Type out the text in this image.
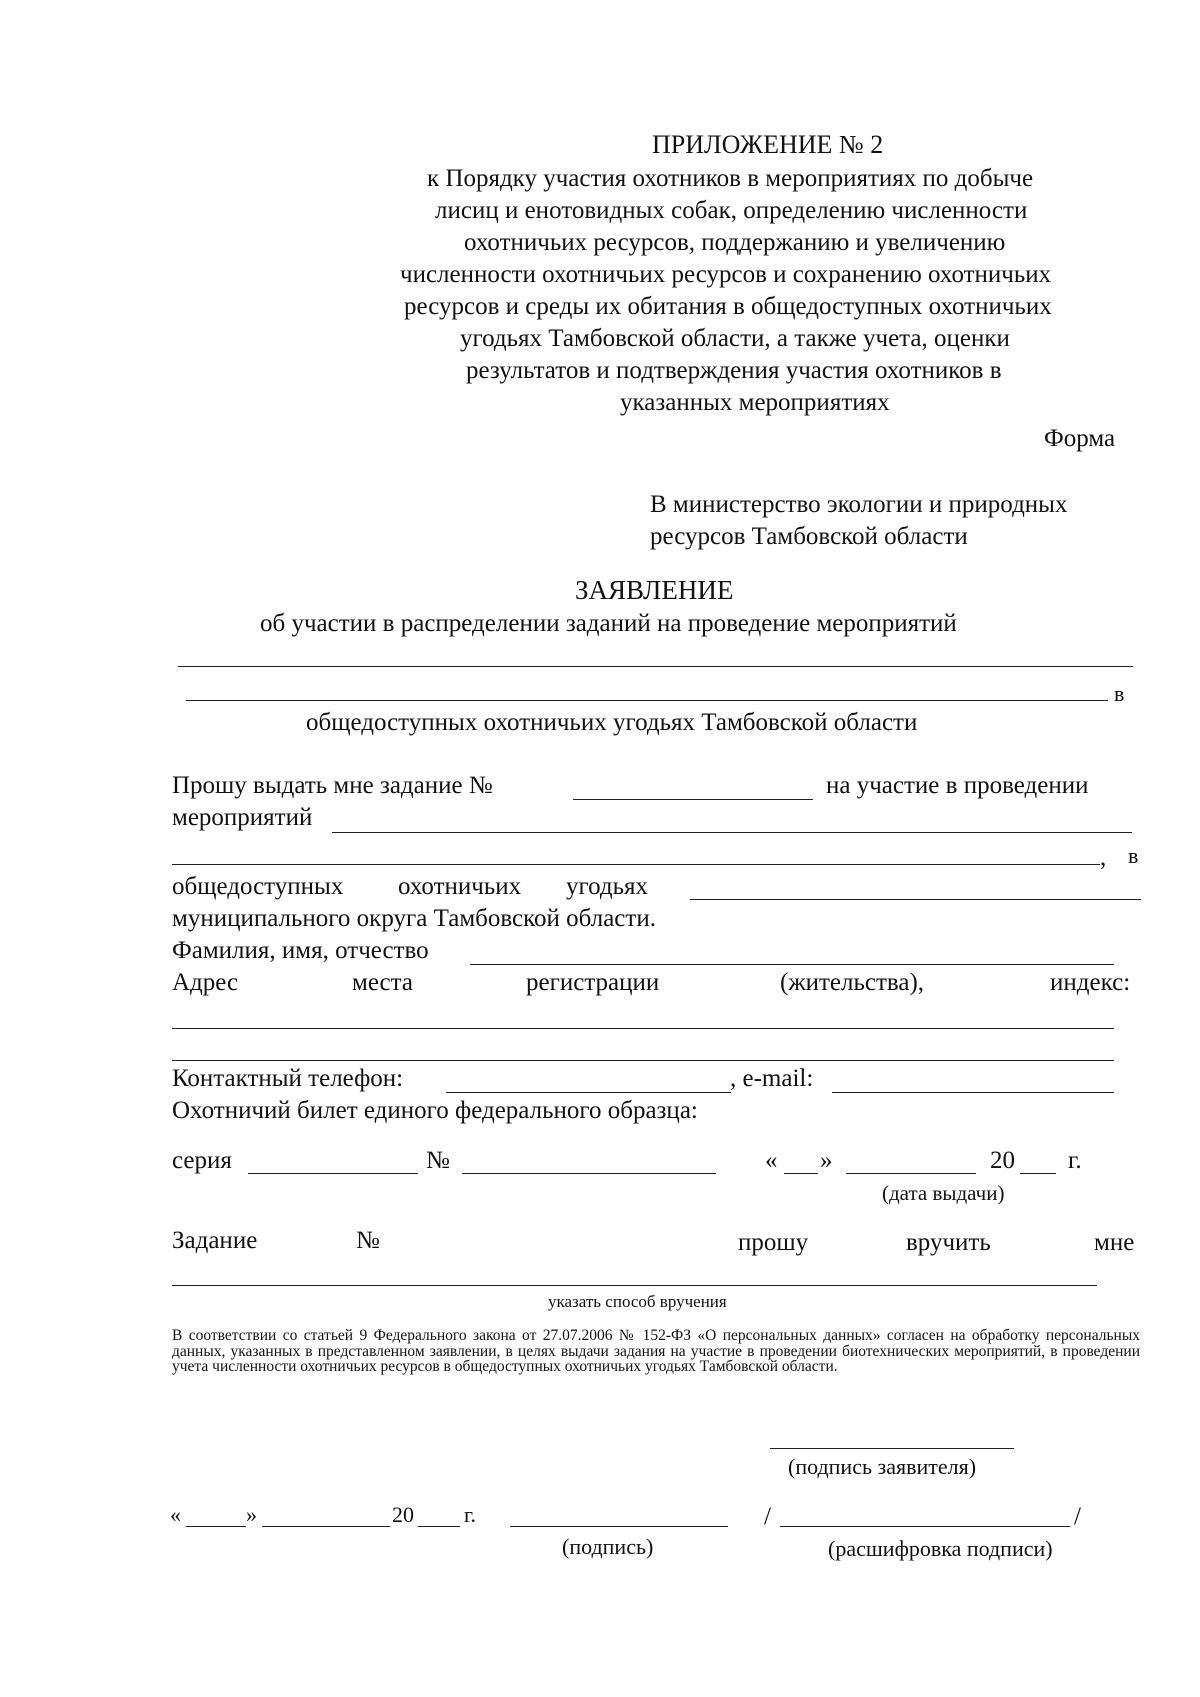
ПРИЛОЖЕНИЕ № 2
к Порядку участия охотников в мероприятиях по добыче
лисиц и енотовидных собак, определению численности
охотничьих ресурсов, поддержанию и увеличению
численности охотничьих ресурсов и сохранению охотничьих
ресурсов и среды их обитания в общедоступных охотничьих
угодьях Тамбовской области, а также учета, оценки
результатов и подтверждения участия охотников в
указанных мероприятиях
Форма
В министерство экологии и природных
ресурсов Тамбовской области
ЗАЯВЛЕНИЕ
об участии в распределении заданий на проведение мероприятий
в
общедоступных охотничьих угодьях Тамбовской области
Прошу выдать мне задание №	на участие в проведении
мероприятий
, в
общедоступных охотничьих угодьях
муниципального округа Тамбовской области.
Фамилия, имя, отчество
Адрес	места	регистрации	(жительства),	индекс:
Контактный телефон:	, e-mail:
Охотничий билет единого федерального образца:
серия	№	« »	20 г.
(дата выдачи)
Задание	№	прошу	вручить	мне
указать способ вручения
В соответствии со статьей 9 Федерального закона от 27.07.2006 № 152-ФЗ «О персональных данных» согласен на обработку персональных данных, указанных в представленном заявлении, в целях выдачи задания на участие в проведении биотехнических мероприятий, в проведении учета численности охотничьих ресурсов в общедоступных охотничьих угодьях Тамбовской области.
(подпись заявителя)
«	»	20 г.
(подпись)
/	/
(расшифровка подписи)
